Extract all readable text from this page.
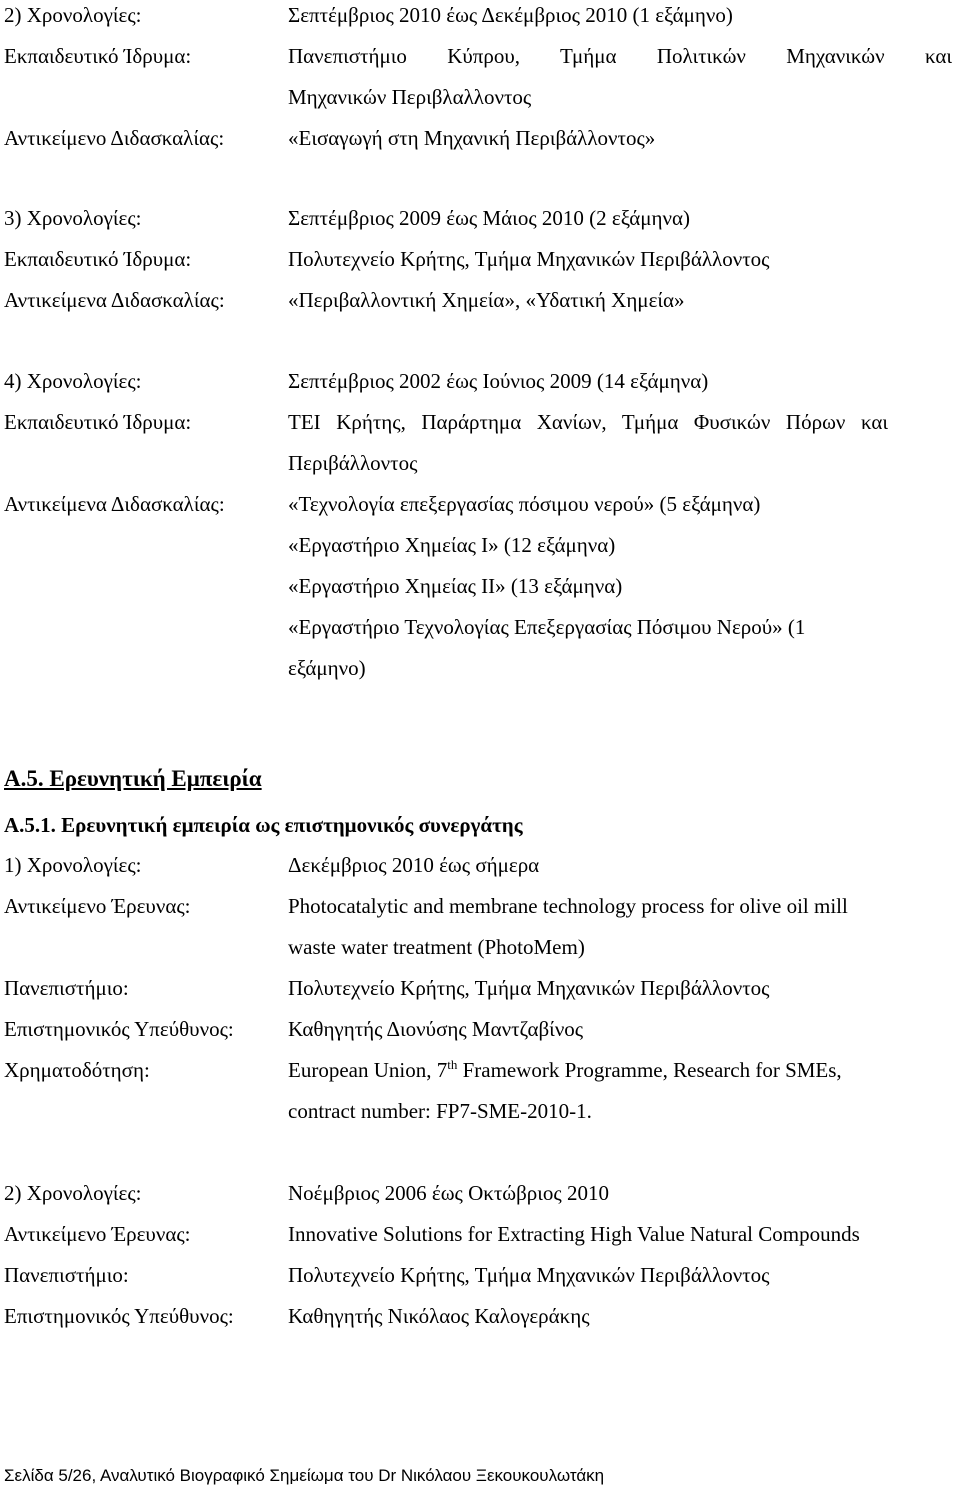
2) Χρονολογίες:	Σεπτέμβριος 2010 έως Δεκέμβριος 2010 (1 εξάμηνο)
Εκπαιδευτικό Ίδρυμα:	Πανεπιστήμιο Κύπρου, Τμήμα Πολιτικών Μηχανικών και
Μηχανικών Περιβλαλλοντος
Αντικείμενο Διδασκαλίας:	«Εισαγωγή στη Μηχανική Περιβάλλοντος»
3) Χρονολογίες:	Σεπτέμβριος 2009 έως Μάιος 2010 (2 εξάμηνα)
Εκπαιδευτικό Ίδρυμα:	Πολυτεχνείο Κρήτης, Τμήμα Μηχανικών Περιβάλλοντος
Αντικείμενα Διδασκαλίας:	«Περιβαλλοντική Χημεία», «Υδατική Χημεία»
4) Χρονολογίες:	Σεπτέμβριος 2002 έως Ιούνιος 2009 (14 εξάμηνα)
Εκπαιδευτικό Ίδρυμα:	ΤΕΙ Κρήτης, Παράρτημα Χανίων, Τμήμα Φυσικών Πόρων και
Περιβάλλοντος
Αντικείμενα Διδασκαλίας:	«Τεχνολογία επεξεργασίας πόσιμου νερού» (5 εξάμηνα)
«Εργαστήριο Χημείας Ι» (12 εξάμηνα)
«Εργαστήριο Χημείας ΙΙ» (13 εξάμηνα)
«Εργαστήριο Τεχνολογίας Επεξεργασίας Πόσιμου Νερού» (1
εξάμηνο)
Α.5. Ερευνητική Εμπειρία
Α.5.1. Ερευνητική εμπειρία ως επιστημονικός συνεργάτης
1) Χρονολογίες:	Δεκέμβριος 2010 έως σήμερα
Αντικείμενο Έρευνας:	Photocatalytic and membrane technology process for olive oil mill
waste water treatment (PhotoMem)
Πανεπιστήμιο:	Πολυτεχνείο Κρήτης, Τμήμα Μηχανικών Περιβάλλοντος
Επιστημονικός Υπεύθυνος:	Καθηγητής Διονύσης Μαντζαβίνος
Χρηματοδότηση:	European Union, 7th Framework Programme, Research for SMEs,
contract number: FP7-SME-2010-1.
2) Χρονολογίες:	Νοέμβριος 2006 έως Οκτώβριος 2010
Αντικείμενο Έρευνας:	Innovative Solutions for Extracting High Value Natural Compounds
Πανεπιστήμιο:	Πολυτεχνείο Κρήτης, Τμήμα Μηχανικών Περιβάλλοντος
Επιστημονικός Υπεύθυνος:	Καθηγητής Νικόλαος Καλογεράκης
Σελίδα 5/26, Αναλυτικό Βιογραφικό Σημείωμα του Dr Νικόλαου Ξεκουκουλωτάκη
